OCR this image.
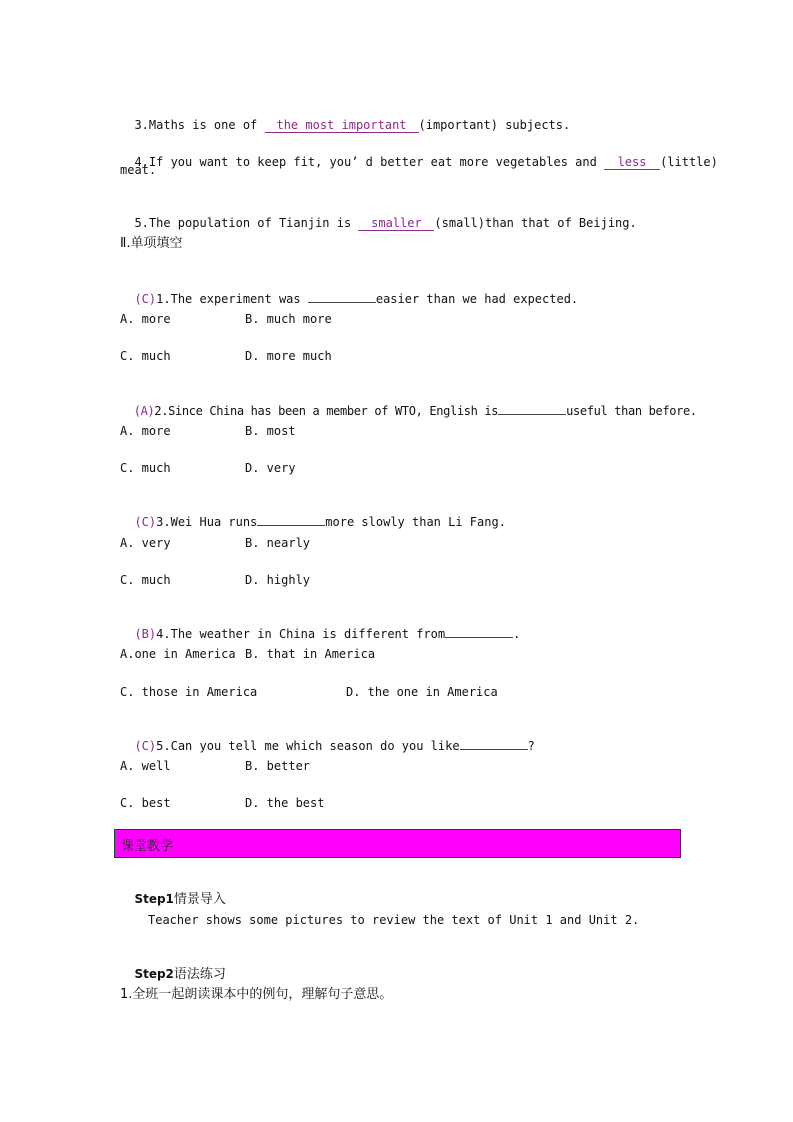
3.Maths is one of the most important (important) subjects.

4.If you want to keep fit, you’ d better eat more vegetables and less (little)

meat.

5.The population of Tianjin is smaller (small)than that of Beijing.

Ⅱ.单项填空

(C)1.The experiment was	easier than we had expected.

A. more	B. much more
C. much	D. more much

(A)2.Since China has been a member of WTO, English is	useful than before.

A. more	B. most
C. much	D. very

(C)3.Wei Hua runs	more slowly than Li Fang.

A. very	B. nearly
C. much	D. highly

(B)4.The weather in China is different from	.

A.one in America B. that in America
C. those in America	D. the one in America

(C)5.Can you tell me which season do you like	?

A. well	B. better
C. best	D. the best
课堂教学

Step1情景导入

Teacher shows some pictures to review the text of Unit 1 and Unit 2.

Step2语法练习

1.全班一起朗读课本中的例句，理解句子意思。
